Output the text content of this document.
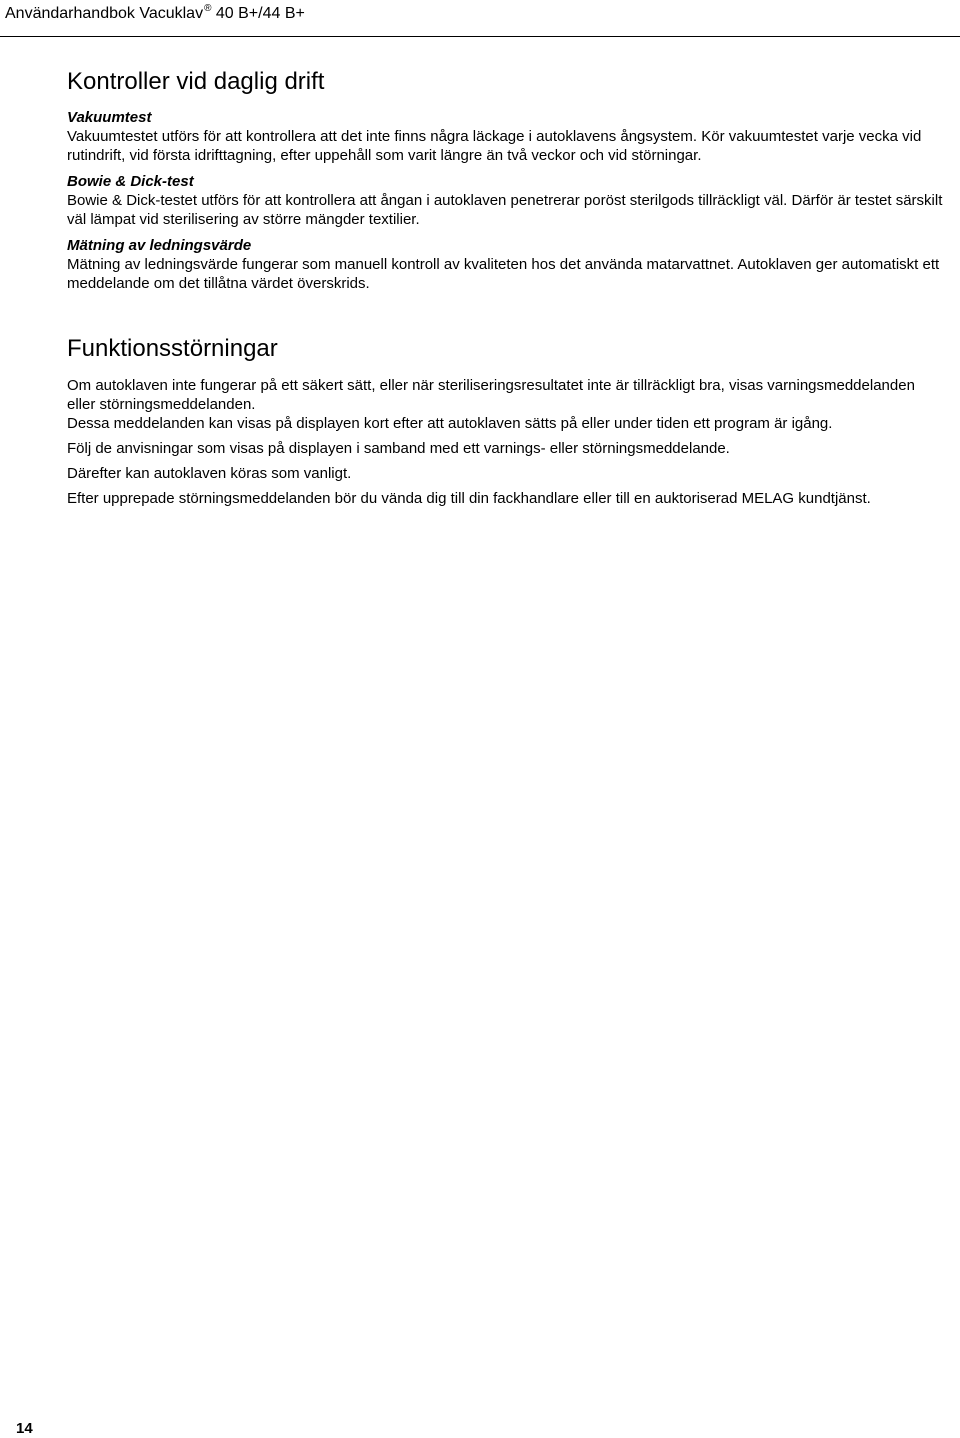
Användarhandbok Vacuklav® 40 B+/44 B+
Kontroller vid daglig drift
Vakuumtest

Vakuumtestet utförs för att kontrollera att det inte finns några läckage i autoklavens ångsystem. Kör vakuumtestet varje vecka vid rutindrift, vid första idrifttagning, efter uppehåll som varit längre än två veckor och vid störningar.

Bowie & Dick-test

Bowie & Dick-testet utförs för att kontrollera att ångan i autoklaven penetrerar poröst sterilgods tillräckligt väl. Därför är testet särskilt väl lämpat vid sterilisering av större mängder textilier.

Mätning av ledningsvärde

Mätning av ledningsvärde fungerar som manuell kontroll av kvaliteten hos det använda matarvattnet. Autoklaven ger automatiskt ett meddelande om det tillåtna värdet överskrids.

Funktionsstörningar

Om autoklaven inte fungerar på ett säkert sätt, eller när steriliseringsresultatet inte är tillräckligt bra, visas varningsmeddelanden eller störningsmeddelanden.

Dessa meddelanden kan visas på displayen kort efter att autoklaven sätts på eller under tiden ett program är igång.

Följ de anvisningar som visas på displayen i samband med ett varnings- eller störningsmeddelande.

Därefter kan autoklaven köras som vanligt.

Efter upprepade störningsmeddelanden bör du vända dig till din fackhandlare eller till en auktoriserad MELAG kundtjänst.

14
